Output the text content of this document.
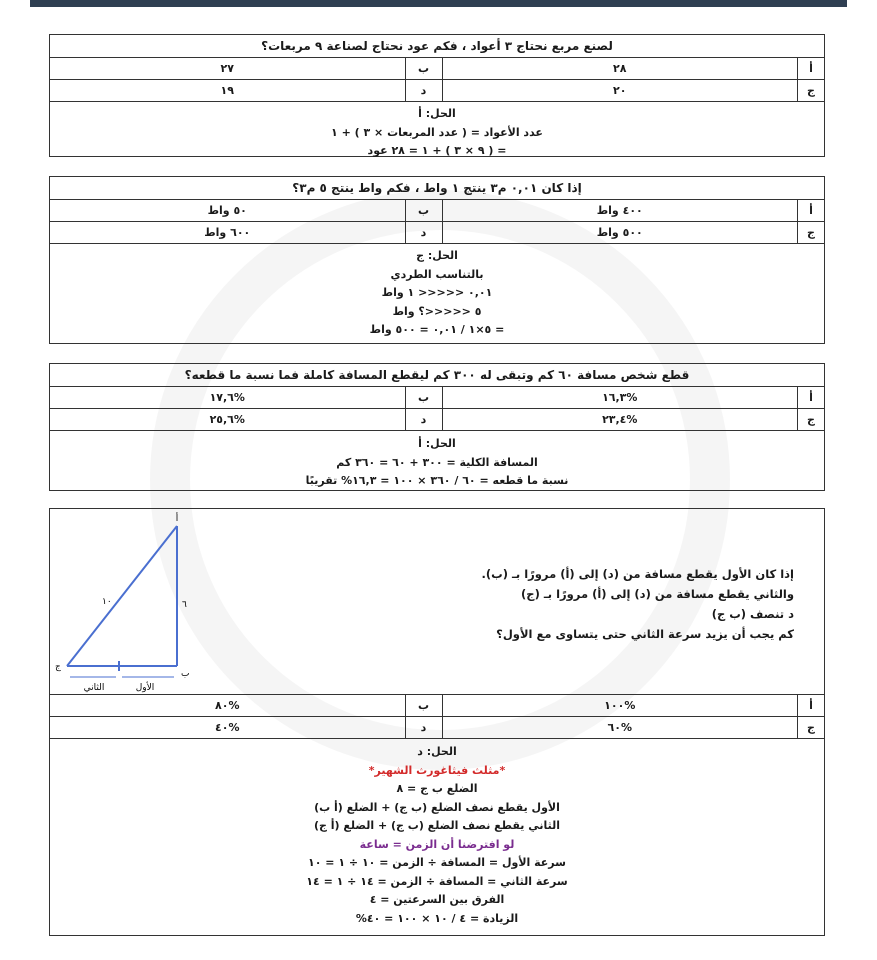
لصنع مربع نحتاج ٣ أعواد ، فكم عود نحتاج لصناعة ٩ مربعات؟
أ
٢٨
ب
٢٧
ج
٢٠
د
١٩
الحل: أ
عدد الأعواد = ( عدد المربعات × ٣ ) + ١
= ( ٩ × ٣ ) + ١ = ٢٨ عود
إذا كان ٠,٠١ م٣ ينتج ١ واط ، فكم واط ينتج ٥ م٣؟
أ
٤٠٠ واط
ب
٥٠ واط
ج
٥٠٠ واط
د
٦٠٠ واط
الحل: ج
بالتناسب الطردي
٠,٠١ <<<<< ١ واط
٥ <<<<<؟ واط
= ٥×١ / ٠,٠١ = ٥٠٠ واط
قطع شخص مسافة ٦٠ كم وتبقى له ٣٠٠ كم ليقطع المسافة كاملة فما نسبة ما قطعه؟
أ
١٦,٣%
ب
١٧,٦%
ج
٢٣,٤%
د
٢٥,٦%
الحل: أ
المسافة الكلية = ٣٠٠ + ٦٠ = ٣٦٠ كم
نسبة ما قطعه = ٦٠ / ٣٦٠ × ١٠٠ = ١٦,٣% تقريبًا
أ
ب
ج
١٠	٦
الأول
الثاني
إذا كان الأول يقطع مسافة من (د) إلى (أ) مرورًا بـ (ب).
والثاني يقطع مسافة من (د) إلى (أ) مرورًا بـ (ج)
د تنصف (ب ج)
كم يجب أن يزيد سرعة الثاني حتى يتساوى مع الأول؟
أ
١٠٠%
ب
٨٠%
ج
٦٠%
د
٤٠%
الحل: د
*مثلث فيثاغورث الشهير*
الضلع ب ج = ٨
الأول يقطع نصف الضلع (ب ج) + الضلع (أ ب)
الثاني يقطع نصف الضلع (ب ج) + الضلع (أ ج)
لو افترضنا أن الزمن = ساعة
سرعة الأول = المسافة ÷ الزمن = ١٠ ÷ ١ = ١٠
سرعة الثاني = المسافة ÷ الزمن = ١٤ ÷ ١ = ١٤
الفرق بين السرعتين = ٤
الزيادة = ٤ / ١٠ × ١٠٠ = ٤٠%
